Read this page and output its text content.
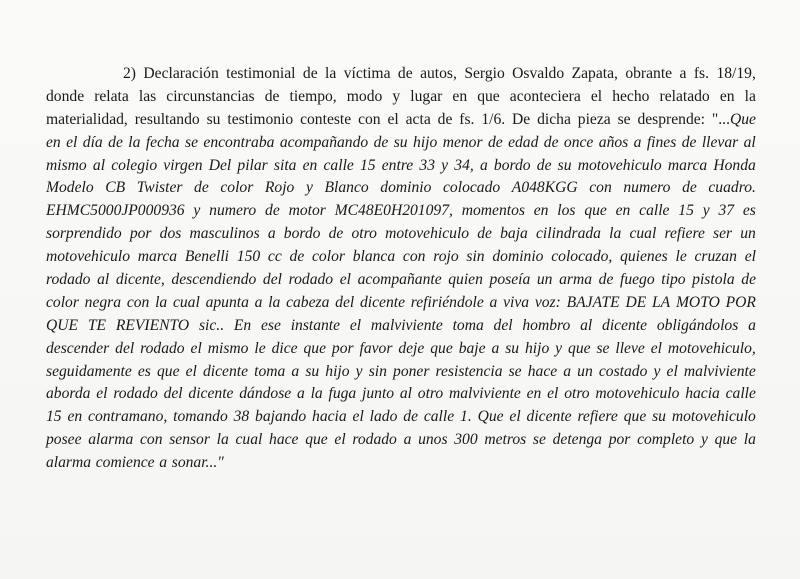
2) Declaración testimonial de la víctima de autos, Sergio Osvaldo Zapata, obrante a fs. 18/19,
donde relata las circunstancias de tiempo, modo y lugar en que aconteciera el hecho relatado en la
materialidad, resultando su testimonio conteste con el acta de fs. 1/6. De dicha pieza se desprende: "...Que
en el día de la fecha se encontraba acompañando de su hijo menor de edad de once años a fines de llevar al
mismo al colegio virgen Del pilar sita en calle 15 entre 33 y 34, a bordo de su motovehiculo marca Honda
Modelo CB Twister de color Rojo y Blanco dominio colocado A048KGG con numero de cuadro.
EHMC5000JP000936 y numero de motor MC48E0H201097, momentos en los que en calle 15 y 37 es
sorprendido por dos masculinos a bordo de otro motovehiculo de baja cilindrada la cual refiere ser un
motovehiculo marca Benelli 150 cc de color blanca con rojo sin dominio colocado, quienes le cruzan el
rodado al dicente, descendiendo del rodado el acompañante quien poseía un arma de fuego tipo pistola de
color negra con la cual apunta a la cabeza del dicente refiriéndole a viva voz: BAJATE DE LA MOTO POR
QUE TE REVIENTO sic.. En ese instante el malviviente toma del hombro al dicente obligándolos a
descender del rodado el mismo le dice que por favor deje que baje a su hijo y que se lleve el motovehiculo,
seguidamente es que el dicente toma a su hijo y sin poner resistencia se hace a un costado y el malviviente
aborda el rodado del dicente dándose a la fuga junto al otro malviviente en el otro motovehiculo hacia calle
15 en contramano, tomando 38 bajando hacia el lado de calle 1. Que el dicente refiere que su motovehiculo
posee alarma con sensor la cual hace que el rodado a unos 300 metros se detenga por completo y que la
alarma comience a sonar..."
